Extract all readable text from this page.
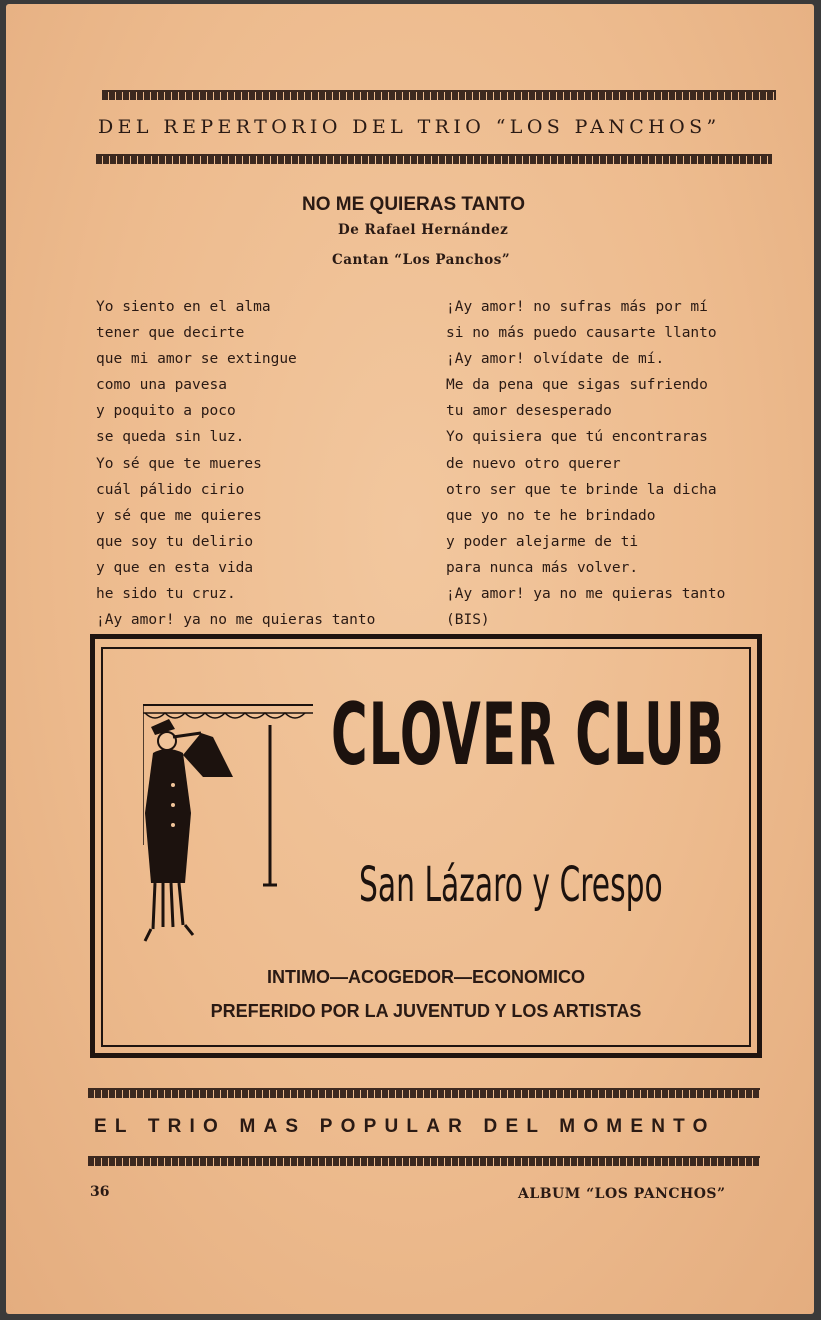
DEL REPERTORIO DEL TRIO “LOS PANCHOS”
NO ME QUIERAS TANTO
De Rafael Hernández
Cantan “Los Panchos”
Yo siento en el alma
tener que decirte
que mi amor se extingue
como una pavesa
y poquito a poco
se queda sin luz.
Yo sé que te mueres
cuál pálido cirio
y sé que me quieres
que soy tu delirio
y que en esta vida
he sido tu cruz.
¡Ay amor! ya no me quieras tanto
¡Ay amor! no sufras más por mí
si no más puedo causarte llanto
¡Ay amor! olvídate de mí.
Me da pena que sigas sufriendo
tu amor desesperado
Yo quisiera que tú encontraras
de nuevo otro querer
otro ser que te brinde la dicha
que yo no te he brindado
y poder alejarme de ti
para nunca más volver.
¡Ay amor! ya no me quieras tanto
(BIS)
CLOVER CLUB
San Lázaro y Crespo
INTIMO—ACOGEDOR—ECONOMICO
PREFERIDO POR LA JUVENTUD Y LOS ARTISTAS
EL TRIO MAS POPULAR DEL MOMENTO
36	ALBUM “LOS PANCHOS”
